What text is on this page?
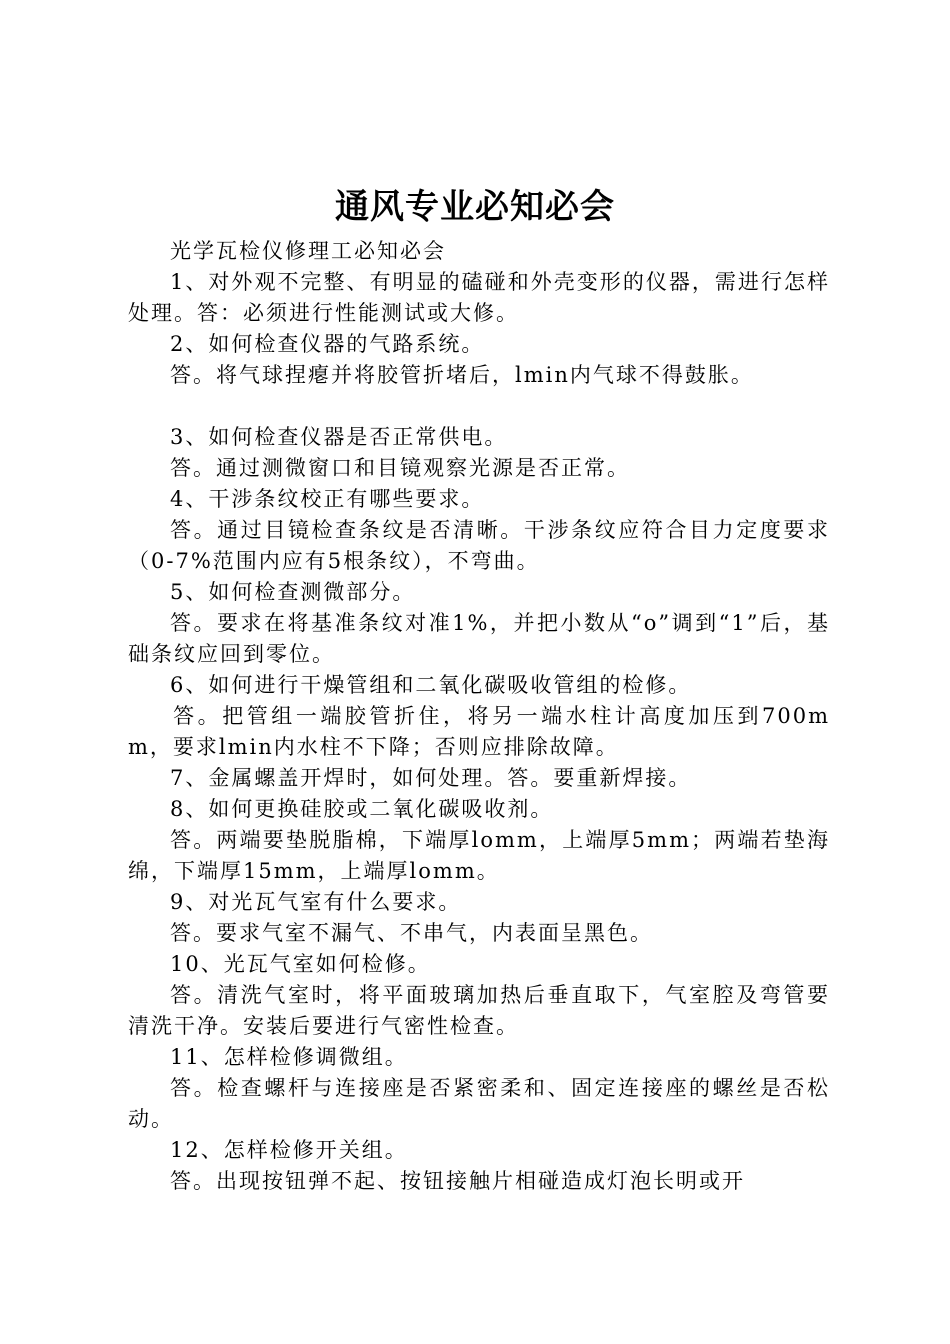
通风专业必知必会

光学瓦检仪修理工必知必会

1、对外观不完整、有明显的磕碰和外壳变形的仪器，需进行怎样处理。答：必须进行性能测试或大修。

2、如何检查仪器的气路系统。

答。将气球捏瘪并将胶管折堵后，lmin内气球不得鼓胀。

3、如何检查仪器是否正常供电。

答。通过测微窗口和目镜观察光源是否正常。

4、干涉条纹校正有哪些要求。

答。通过目镜检查条纹是否清晰。干涉条纹应符合目力定度要求（0-7%范围内应有5根条纹），不弯曲。

5、如何检查测微部分。

答。要求在将基准条纹对准1%，并把小数从“o”调到“1”后，基础条纹应回到零位。

6、如何进行干燥管组和二氧化碳吸收管组的检修。

答。把管组一端胶管折住，将另一端水柱计高度加压到700mm，要求lmin内水柱不下降；否则应排除故障。

7、金属螺盖开焊时，如何处理。答。要重新焊接。

8、如何更换硅胶或二氧化碳吸收剂。

答。两端要垫脱脂棉，下端厚lomm，上端厚5mm；两端若垫海绵，下端厚15mm，上端厚lomm。

9、对光瓦气室有什么要求。

答。要求气室不漏气、不串气，内表面呈黑色。

10、光瓦气室如何检修。

答。清洗气室时，将平面玻璃加热后垂直取下，气室腔及弯管要清洗干净。安装后要进行气密性检查。

11、怎样检修调微组。

答。检查螺杆与连接座是否紧密柔和、固定连接座的螺丝是否松动。

12、怎样检修开关组。

答。出现按钮弹不起、按钮接触片相碰造成灯泡长明或开
